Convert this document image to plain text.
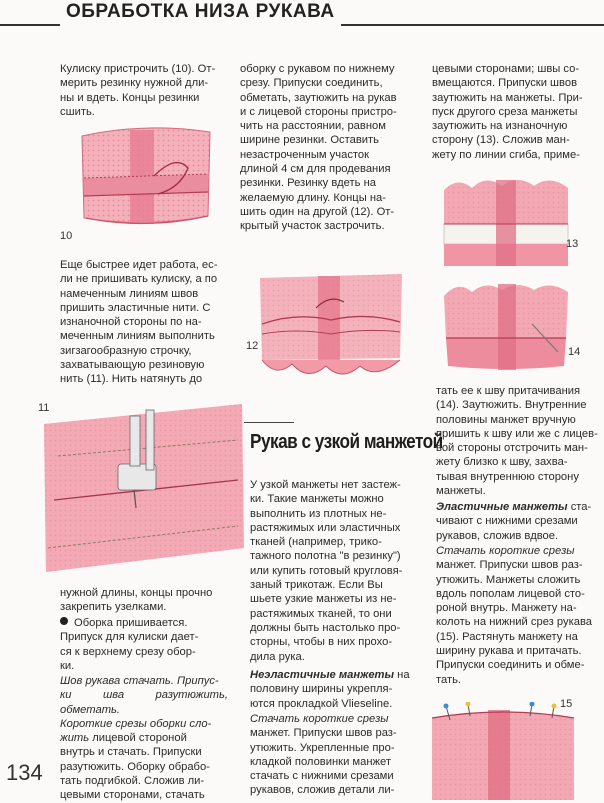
ОБРАБОТКА НИЗА РУКАВА

Кулиску пристрочить (10). От-
мерить резинку нужной дли-
ны и вдеть. Концы резинки
сшить.

10

Еще быстрее идет работа, ес-
ли не пришивать кулиску, а по
намеченным линиям швов
пришить эластичные нити. С
изнаночной стороны по на-
меченным линиям выполнить
зигзагообразную строчку,
захватывающую резиновую
нить (11). Нить натянуть до

11

нужной длины, концы прочно
закрепить узелками.

Оборка пришивается.
Припуск для кулиски дает-
ся к верхнему срезу обор-
ки.

Шов рукава стачать. Припус-
ки шва разутюжить, обметать.
Короткие срезы оборки сло-
жить лицевой стороной
внутрь и стачать. Припуски
разутюжить. Оборку обрабо-
тать подгибкой. Сложив ли-
цевыми сторонами, стачать

134

оборку с рукавом по нижнему
срезу. Припуски соединить,
обметать, заутюжить на рукав
и с лицевой стороны пристро-
чить на расстоянии, равном
ширине резинки. Оставить
незастроченным участок
длиной 4 см для продевания
резинки. Резинку вдеть на
желаемую длину. Концы на-
шить один на другой (12). От-
крытый участок застрочить.

12
Рукав с узкой манжетой

У узкой манжеты нет застеж-
ки. Такие манжеты можно
выполнить из плотных не-
растяжимых или эластичных
тканей (например, трико-
тажного полотна "в резинку")
или купить готовый кругловя-
заный трикотаж. Если Вы
шьете узкие манжеты из не-
растяжимых тканей, то они
должны быть настолько про-
сторны, чтобы в них прохо-
дила рука.

Неэластичные манжеты на
половину ширины укрепля-
ются прокладкой Vlieseline.

Стачать короткие срезы
манжет. Припуски швов раз-
утюжить. Укрепленные про-
кладкой половинки манжет
стачать с нижними срезами
рукавов, сложив детали ли-

цевыми сторонами; швы со-
вмещаются. Припуски швов
заутюжить на манжеты. При-
пуск другого среза манжеты
заутюжить на изнаночную
сторону (13). Сложив ман-
жету по линии сгиба, приме-

13
14

тать ее к шву притачивания
(14). Заутюжить. Внутренние
половины манжет вручную
пришить к шву или же с лицев-
вой стороны отстрочить ман-
жету близко к шву, захва-
тывая внутреннюю сторону
манжеты.

Эластичные манжеты ста-
чивают с нижними срезами
рукавов, сложив вдвое.

Стачать короткие срезы
манжет. Припуски швов раз-
утюжить. Манжеты сложить
вдоль пополам лицевой сто-
роной внутрь. Манжету на-
колоть на нижний срез рукава
(15). Растянуть манжету на
ширину рукава и притачать.
Припуски соединить и обме-
тать.

15
